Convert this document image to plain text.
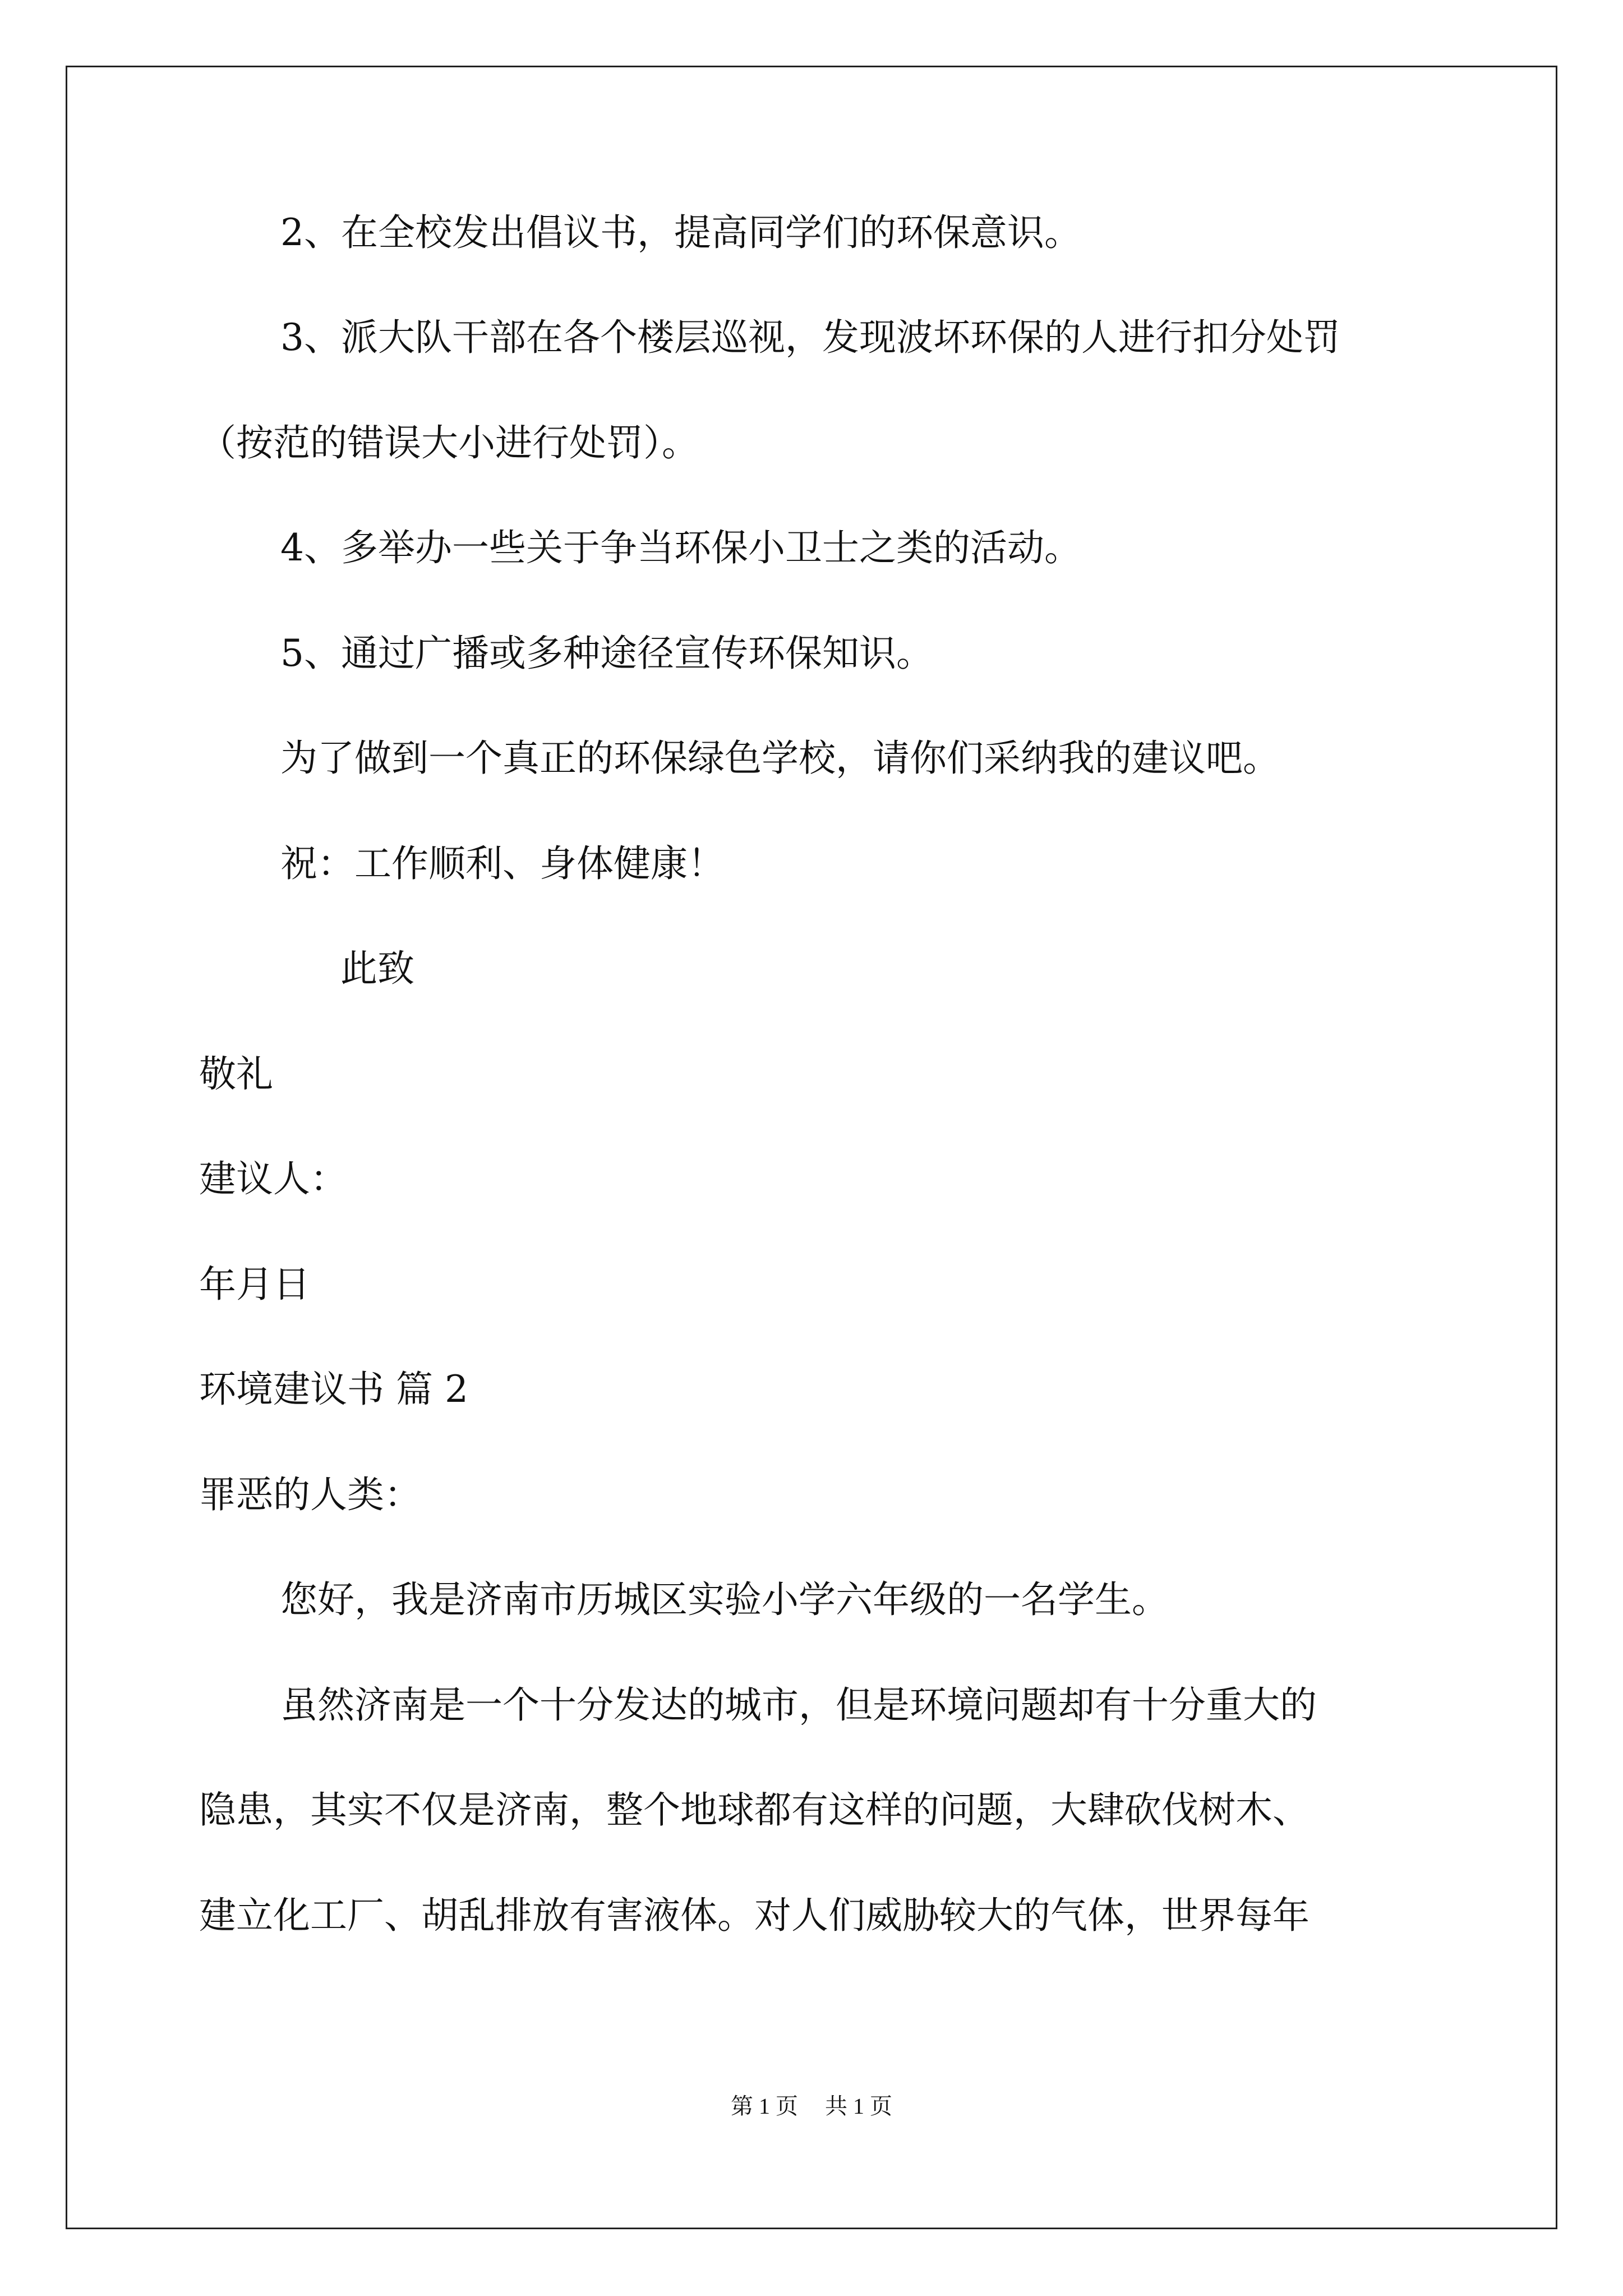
2、在全校发出倡议书，提高同学们的环保意识。
3、派大队干部在各个楼层巡视，发现波坏环保的人进行扣分处罚
（按范的错误大小进行处罚）。
4、多举办一些关于争当环保小卫士之类的活动。
5、通过广播或多种途径宣传环保知识。
为了做到一个真正的环保绿色学校，请你们采纳我的建议吧。
祝：工作顺利、身体健康！
此致
敬礼
建议人：
年月日
环境建议书 篇 2
罪恶的人类：
您好，我是济南市历城区实验小学六年级的一名学生。
虽然济南是一个十分发达的城市，但是环境问题却有十分重大的
隐患，其实不仅是济南，整个地球都有这样的问题，大肆砍伐树木、
建立化工厂、胡乱排放有害液体。对人们威胁较大的气体，世界每年
第 1 页 共 1 页
